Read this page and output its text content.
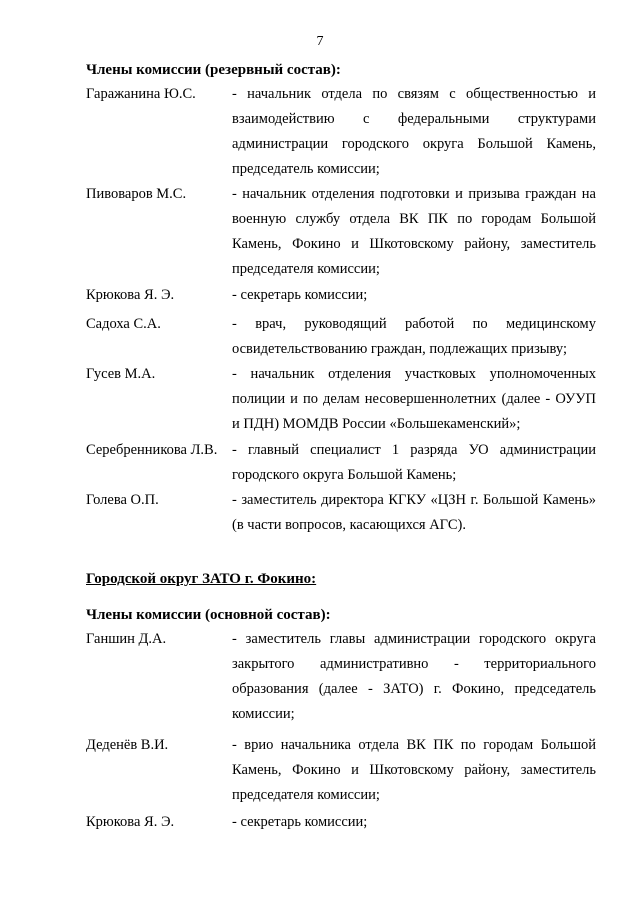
7
Члены комиссии (резервный состав):
Гаражанина Ю.С. - начальник отдела по связям с общественностью и взаимодействию с федеральными структурами администрации городского округа Большой Камень, председатель комиссии;
Пивоваров М.С.	- начальник отделения подготовки и призыва граждан на военную службу отдела ВК ПК по городам Большой Камень, Фокино и Шкотовскому району, заместитель председателя комиссии;
Крюкова Я. Э.	- секретарь комиссии;
Садоха С.А.	- врач, руководящий работой по медицинскому освидетельствованию граждан, подлежащих призыву;
Гусев М.А.	- начальник отделения участковых уполномоченных полиции и по делам несовершеннолетних (далее - ОУУП и ПДН) МОМДВ России «Большекаменский»;
Серебренникова Л.В. - главный специалист 1 разряда УО администрации городского округа Большой Камень;
Голева О.П.	- заместитель директора КГКУ «ЦЗН г. Большой Камень» (в части вопросов, касающихся АГС).
Городской округ ЗАТО г. Фокино:
Члены комиссии (основной состав):
Ганшин Д.А.	- заместитель главы администрации городского округа закрытого административно - территориального образования (далее - ЗАТО) г. Фокино, председатель комиссии;
Деденёв В.И.	- врио начальника отдела ВК ПК по городам Большой Камень, Фокино и Шкотовскому району, заместитель председателя комиссии;
Крюкова Я. Э.	- секретарь комиссии;
